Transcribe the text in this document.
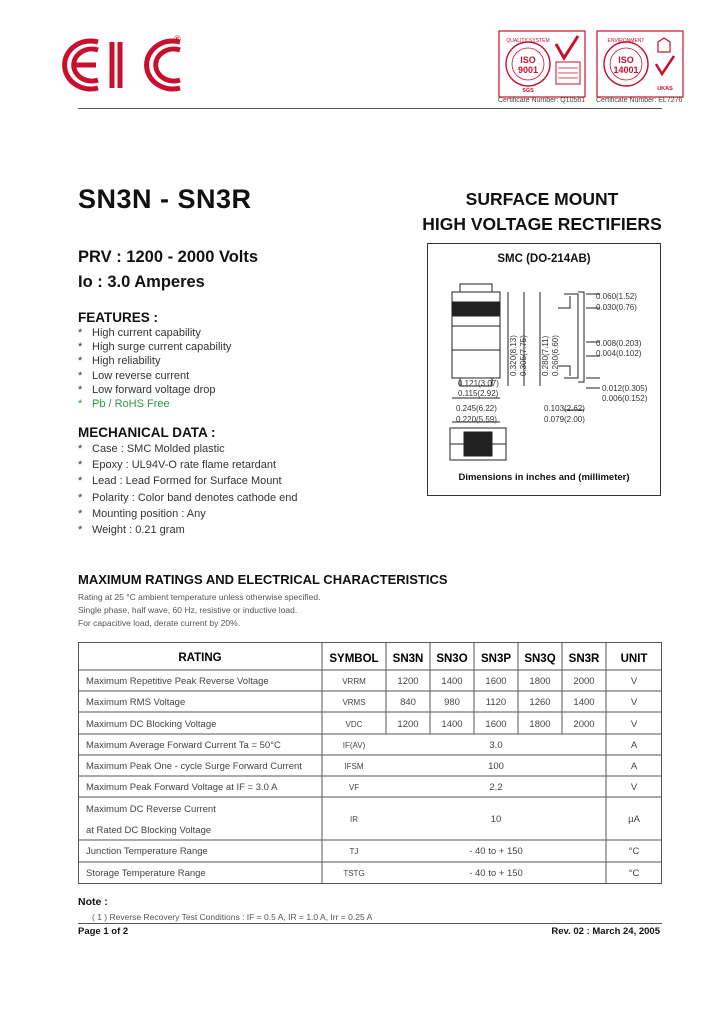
®	QUALITY SYSTEM
ISO
9001
SGS
ENVIRONMENT
ISO
14001
UKAS
Certificate Number: Q10561 Certificate Number: EL7276
SN3N - SN3R	SURFACE MOUNT
HIGH VOLTAGE RECTIFIERS
PRV : 1200 - 2000 Volts
Io : 3.0 Amperes
FEATURES :
* High current capability
* High surge current capability
* High reliability
* Low reverse current
* Low forward voltage drop
* Pb / RoHS Free
MECHANICAL DATA :
* Case : SMC Molded plastic
* Epoxy : UL94V-O rate flame retardant
* Lead : Lead Formed for Surface Mount
* Polarity : Color band denotes cathode end
* Mounting position : Any
* Weight : 0.21 gram
SMC (DO-214AB)
0.060(1.52)
0.030(0.76)
0.008(0.203)
0.004(0.102)
0.012(0.305)
0.006(0.152)
0.103(2.62)
0.079(2.00)
0.245(6.22)
0.220(5.59)
0.121(3.07)
0.115(2.92)
0.280(7.11) 0.260(6.60)
0.320(8.13) 0.305(7.75)
Dimensions in inches and (millimeter)
MAXIMUM RATINGS AND ELECTRICAL CHARACTERISTICS
Rating at 25 °C ambient temperature unless otherwise specified.
Single phase, half wave, 60 Hz, resistive or inductive load.
For capacitive load, derate current by 20%.
RATING	SYMBOL SN3N SN3O SN3P SN3Q SN3R UNIT
Maximum Repetitive Peak Reverse Voltage	VRRM	1200 1400 1600 1800 2000	V
Maximum RMS Voltage	VRMS	840	980	1120 1260 1400	V
Maximum DC Blocking Voltage	VDC	1200 1400 1600 1800 2000	V
Maximum Average Forward Current Ta = 50°C	IF(AV)	3.0	A
Maximum Peak One - cycle Surge Forward Current	IFSM	100	A
Maximum Peak Forward Voltage at IF = 3.0 A	VF	2.2	V
Maximum DC Reverse Current
at Rated DC Blocking Voltage
IR	10	µA
Junction Temperature Range	TJ	- 40 to + 150	°C
Storage Temperature Range	TSTG	- 40 to + 150	°C
Note :
( 1 ) Reverse Recovery Test Conditions : IF = 0.5 A, IR = 1.0 A, Irr = 0.25 A
Page 1 of 2	Rev. 02 : March 24, 2005
